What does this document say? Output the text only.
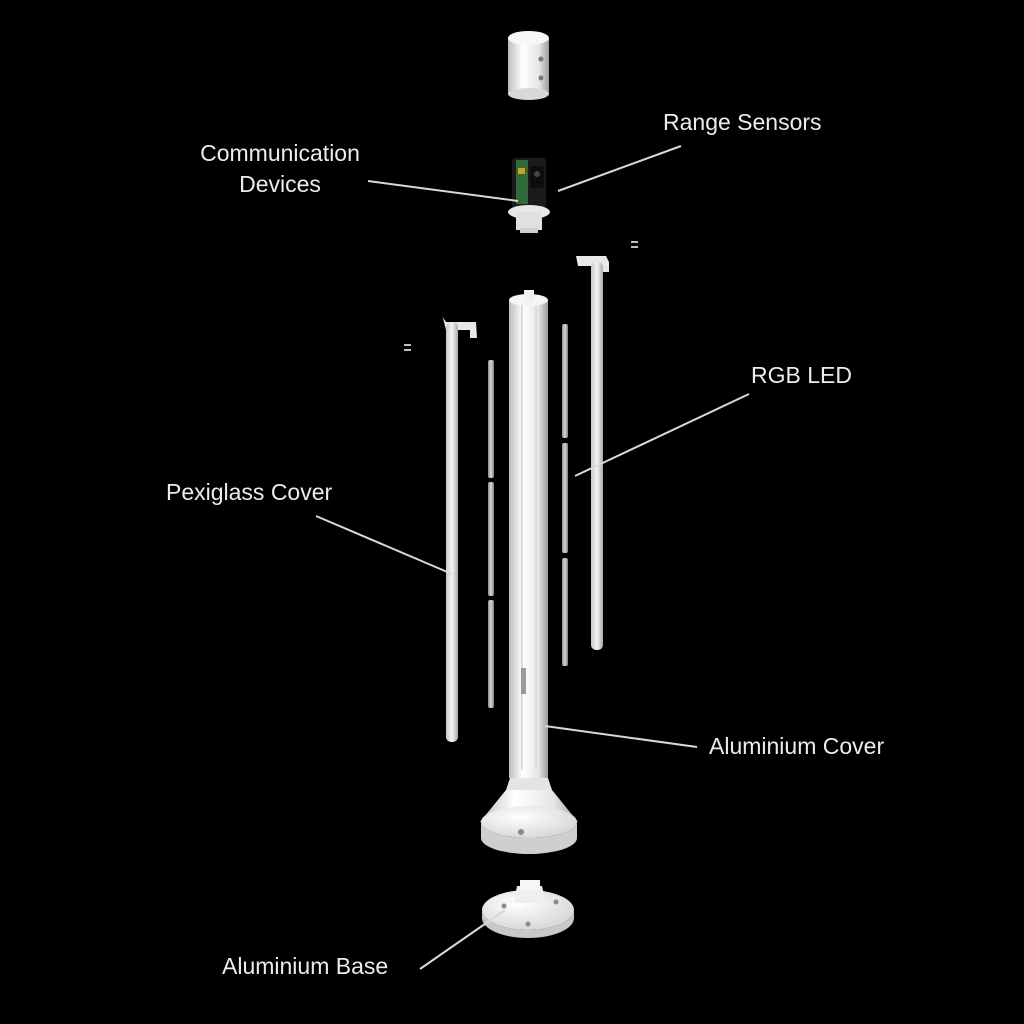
Communication
Devices
Range Sensors
RGB LED
Pexiglass Cover
Aluminium Cover
Aluminium Base
